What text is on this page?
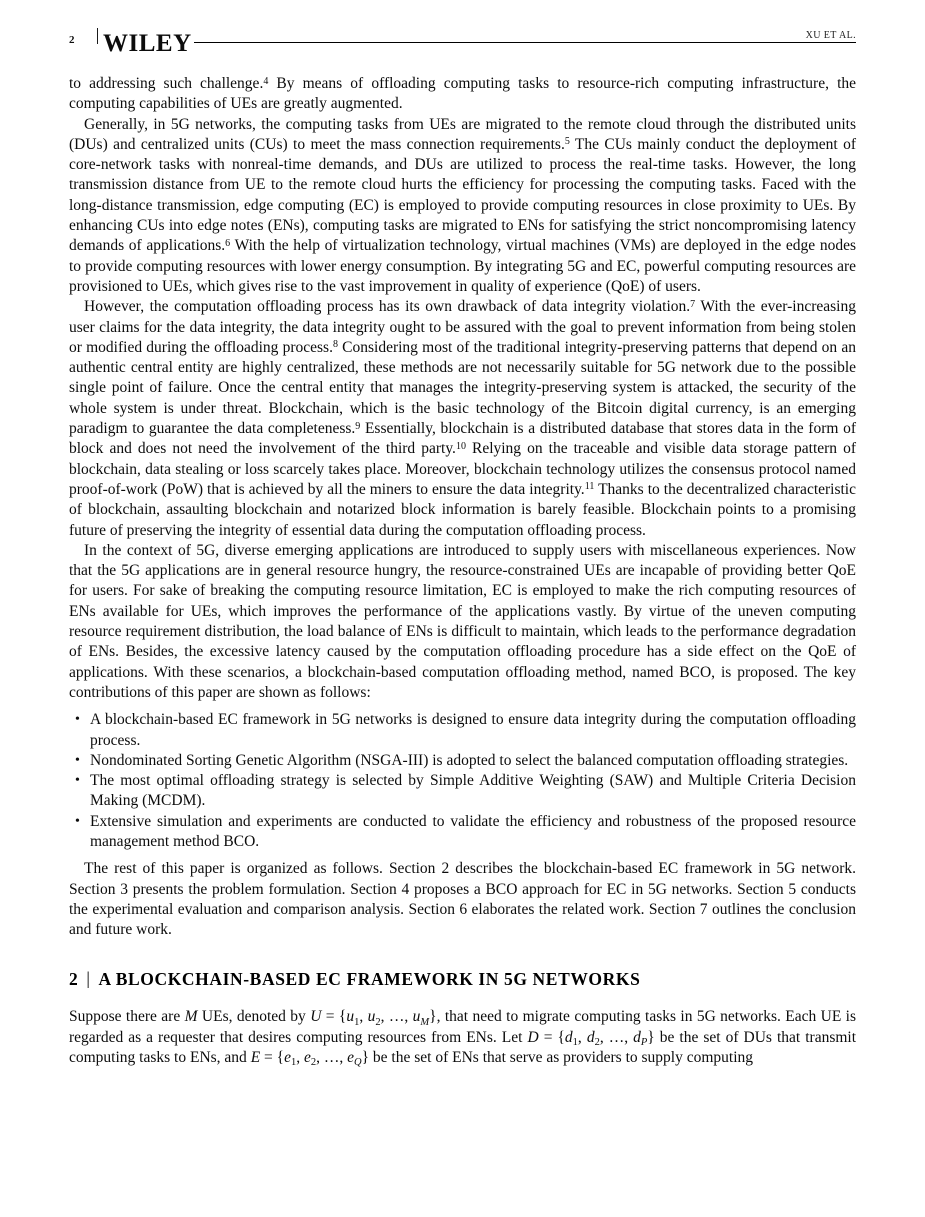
2	WILEY	XU ET AL.

to addressing such challenge.$^4$ By means of offloading computing tasks to resource-rich computing infrastructure, the computing capabilities of UEs are greatly augmented.

Generally, in 5G networks, the computing tasks from UEs are migrated to the remote cloud through the distributed units (DUs) and centralized units (CUs) to meet the mass connection requirements.$^5$ The CUs mainly conduct the deployment of core-network tasks with nonreal-time demands, and DUs are utilized to process the real-time tasks. However, the long transmission distance from UE to the remote cloud hurts the efficiency for processing the computing tasks. Faced with the long-distance transmission, edge computing (EC) is employed to provide computing resources in close proximity to UEs. By enhancing CUs into edge notes (ENs), computing tasks are migrated to ENs for satisfying the strict noncompromising latency demands of applications.$^6$ With the help of virtualization technology, virtual machines (VMs) are deployed in the edge nodes to provide computing resources with lower energy consumption. By integrating 5G and EC, powerful computing resources are provisioned to UEs, which gives rise to the vast improvement in quality of experience (QoE) of users.

However, the computation offloading process has its own drawback of data integrity violation.$^7$ With the ever-increasing user claims for the data integrity, the data integrity ought to be assured with the goal to prevent information from being stolen or modified during the offloading process.$^8$ Considering most of the traditional integrity-preserving patterns that depend on an authentic central entity are highly centralized, these methods are not necessarily suitable for 5G network due to the possible single point of failure. Once the central entity that manages the integrity-preserving system is attacked, the security of the whole system is under threat. Blockchain, which is the basic technology of the Bitcoin digital currency, is an emerging paradigm to guarantee the data completeness.$^9$ Essentially, blockchain is a distributed database that stores data in the form of block and does not need the involvement of the third party.$^{10}$ Relying on the traceable and visible data storage pattern of blockchain, data stealing or loss scarcely takes place. Moreover, blockchain technology utilizes the consensus protocol named proof-of-work (PoW) that is achieved by all the miners to ensure the data integrity.$^{11}$ Thanks to the decentralized characteristic of blockchain, assaulting blockchain and notarized block information is barely feasible. Blockchain points to a promising future of preserving the integrity of essential data during the computation offloading process.

In the context of 5G, diverse emerging applications are introduced to supply users with miscellaneous experiences. Now that the 5G applications are in general resource hungry, the resource-constrained UEs are incapable of providing better QoE for users. For sake of breaking the computing resource limitation, EC is employed to make the rich computing resources of ENs available for UEs, which improves the performance of the applications vastly. By virtue of the uneven computing resource requirement distribution, the load balance of ENs is difficult to maintain, which leads to the performance degradation of ENs. Besides, the excessive latency caused by the computation offloading procedure has a side effect on the QoE of applications. With these scenarios, a blockchain-based computation offloading method, named BCO, is proposed. The key contributions of this paper are shown as follows:

• A blockchain-based EC framework in 5G networks is designed to ensure data integrity during the computation offloading process.
• Nondominated Sorting Genetic Algorithm (NSGA-III) is adopted to select the balanced computation offloading strategies.
• The most optimal offloading strategy is selected by Simple Additive Weighting (SAW) and Multiple Criteria Decision Making (MCDM).
• Extensive simulation and experiments are conducted to validate the efficiency and robustness of the proposed resource management method BCO.

The rest of this paper is organized as follows. Section 2 describes the blockchain-based EC framework in 5G network. Section 3 presents the problem formulation. Section 4 proposes a BCO approach for EC in 5G networks. Section 5 conducts the experimental evaluation and comparison analysis. Section 6 elaborates the related work. Section 7 outlines the conclusion and future work.

2 | A BLOCKCHAIN-BASED EC FRAMEWORK IN 5G NETWORKS

Suppose there are M UEs, denoted by $U = \{u_1$, $u_2$, …, $u_M$}, that need to migrate computing tasks in 5G networks. Each UE is regarded as a requester that desires computing resources from ENs. Let $D = \{d_1$, $d_2$, …, $d_P$} be the set of DUs that transmit computing tasks to ENs, and $E = \{e_1$, $e_2$, …, $e_Q$} be the set of ENs that serve as providers to supply computing
